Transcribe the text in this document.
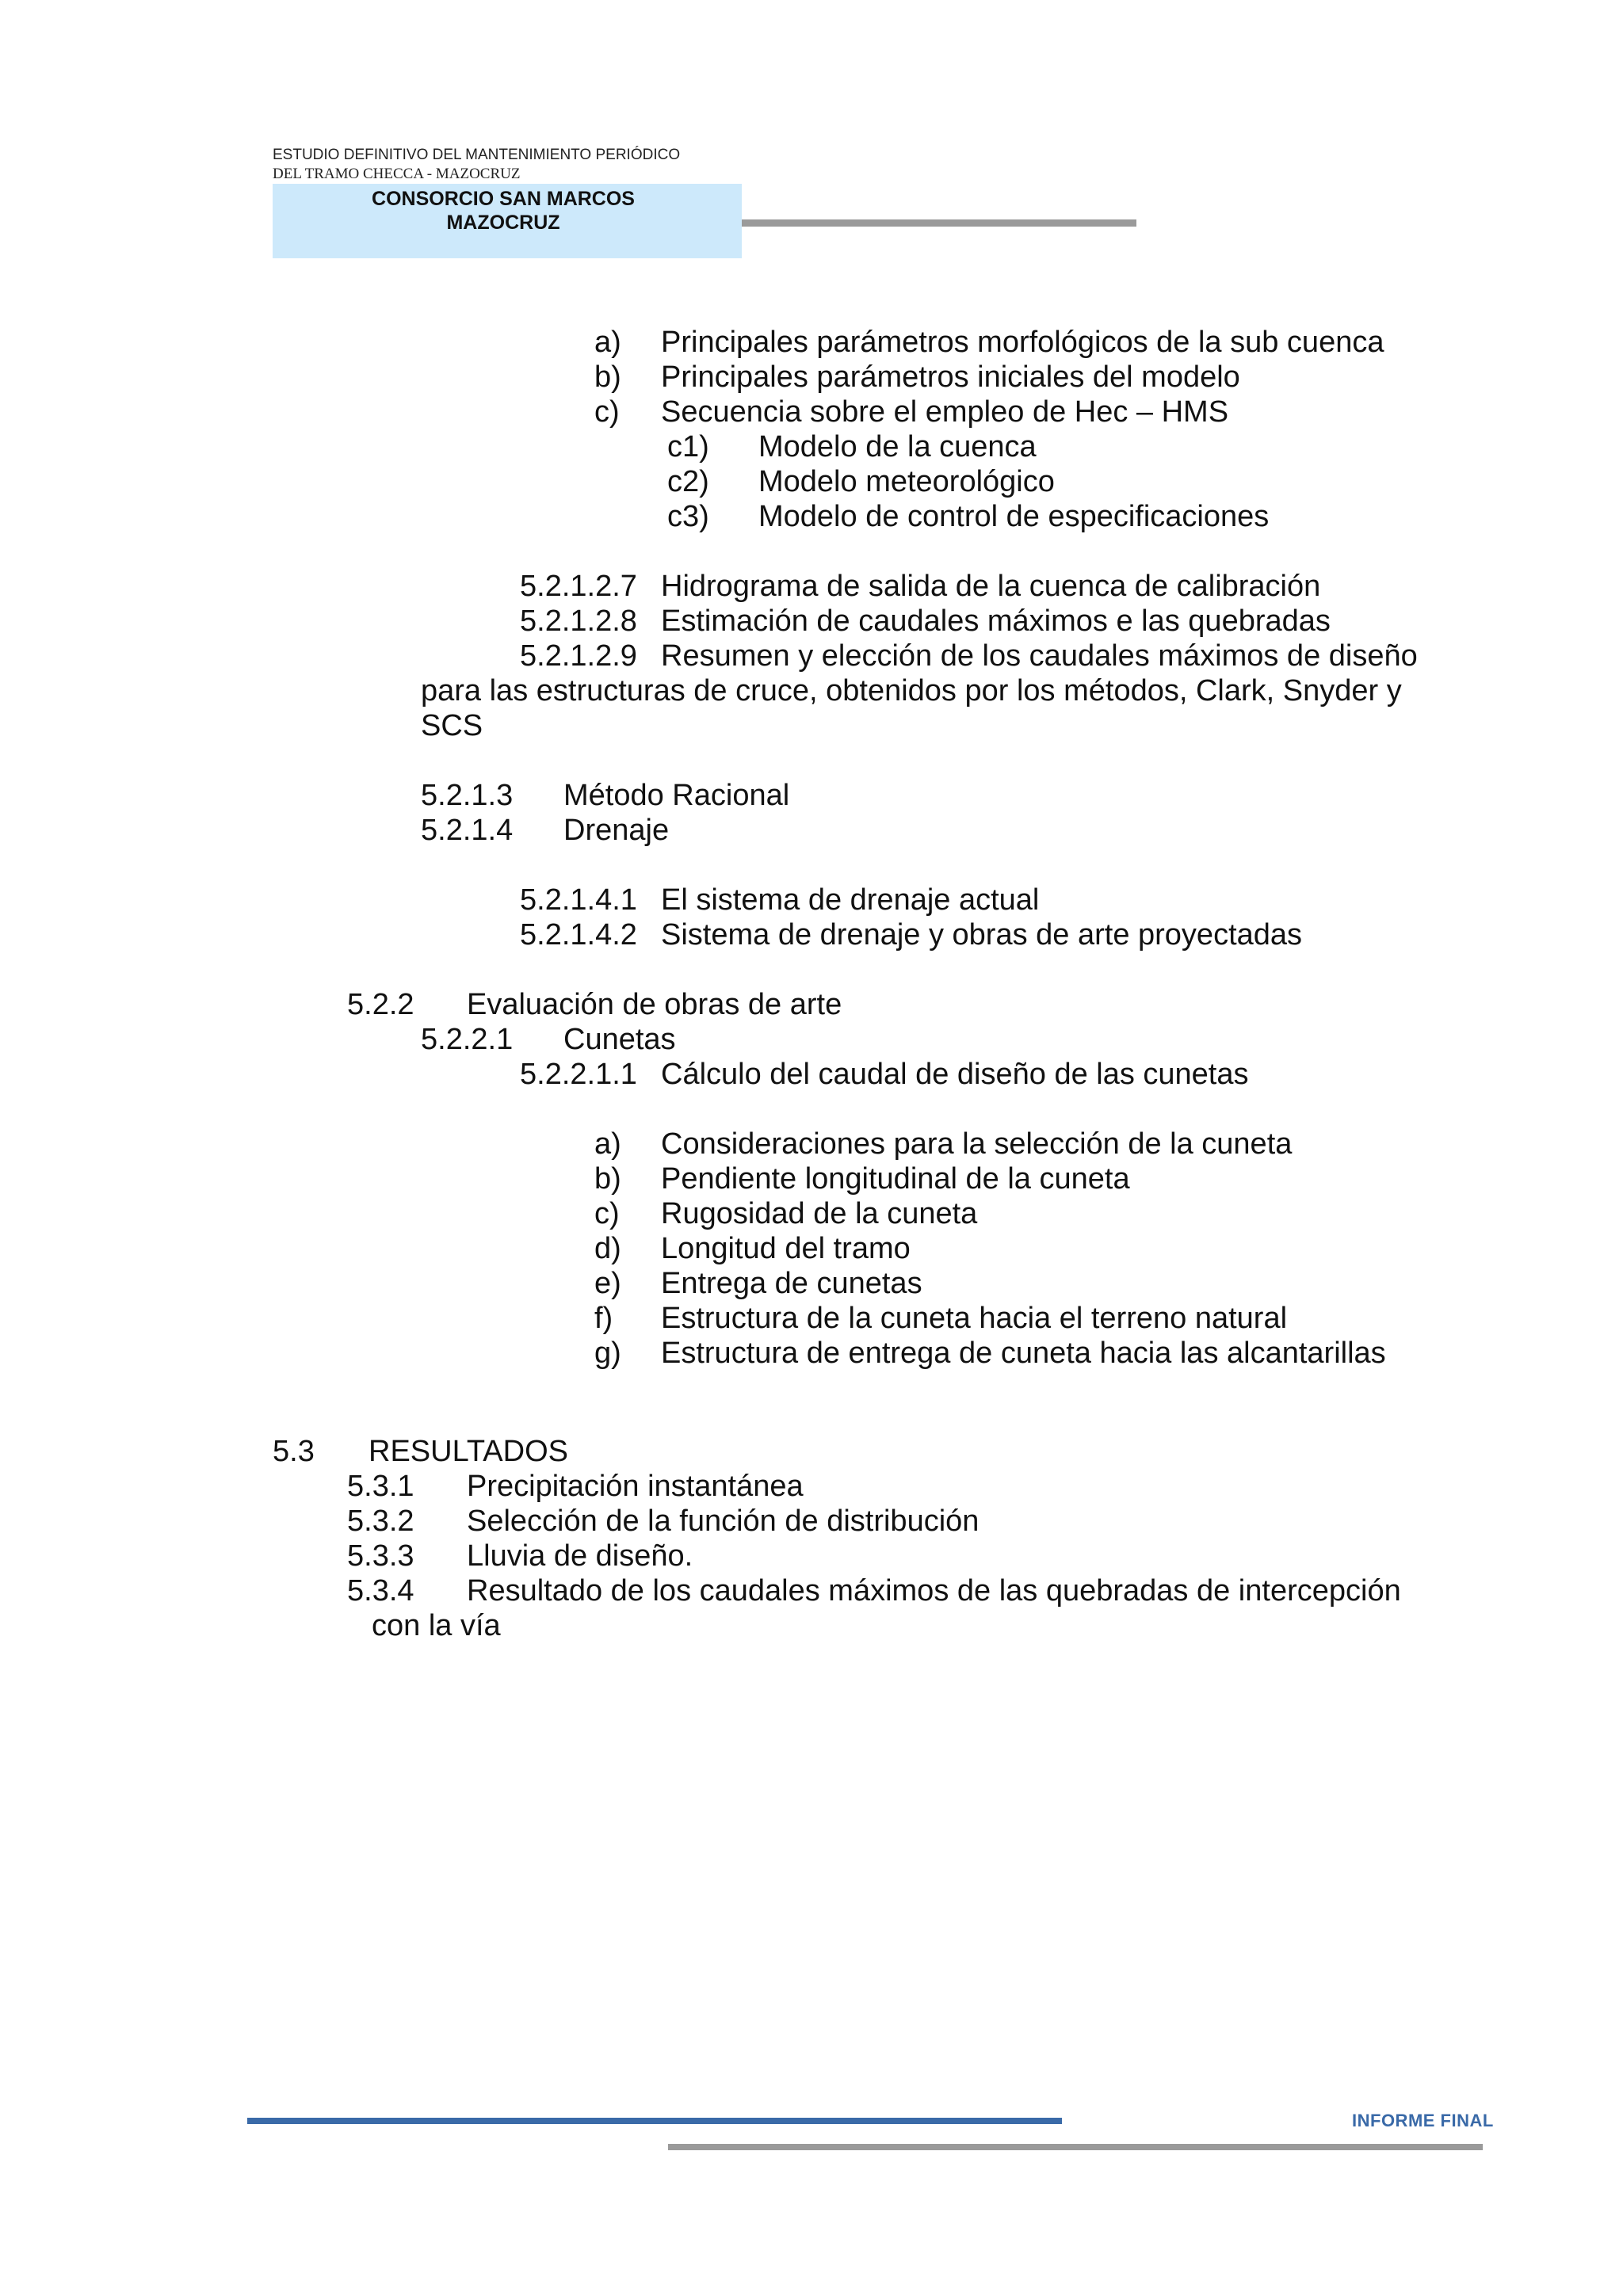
ESTUDIO DEFINITIVO DEL MANTENIMIENTO PERIÓDICO
DEL TRAMO CHECCA - MAZOCRUZ
CONSORCIO SAN MARCOS
MAZOCRUZ
a) Principales parámetros morfológicos de la sub cuenca
b) Principales parámetros iniciales del modelo
c) Secuencia sobre el empleo de Hec – HMS
c1) Modelo de la cuenca
c2) Modelo meteorológico
c3) Modelo de control de especificaciones
5.2.1.2.7 Hidrograma de salida de la cuenca de calibración
5.2.1.2.8 Estimación de caudales máximos e las quebradas
5.2.1.2.9 Resumen y elección de los caudales máximos de diseño
para las estructuras de cruce, obtenidos por los métodos, Clark, Snyder y
SCS
5.2.1.3 Método Racional
5.2.1.4 Drenaje
5.2.1.4.1 El sistema de drenaje actual
5.2.1.4.2 Sistema de drenaje y obras de arte proyectadas
5.2.2 Evaluación de obras de arte
5.2.2.1 Cunetas
5.2.2.1.1 Cálculo del caudal de diseño de las cunetas
a) Consideraciones para la selección de la cuneta
b) Pendiente longitudinal de la cuneta
c) Rugosidad de la cuneta
d) Longitud del tramo
e) Entrega de cunetas
f) Estructura de la cuneta hacia el terreno natural
g) Estructura de entrega de cuneta hacia las alcantarillas
5.3 RESULTADOS
5.3.1 Precipitación instantánea
5.3.2 Selección de la función de distribución
5.3.3 Lluvia de diseño.
5.3.4 Resultado de los caudales máximos de las quebradas de intercepción
con la vía
INFORME FINAL
